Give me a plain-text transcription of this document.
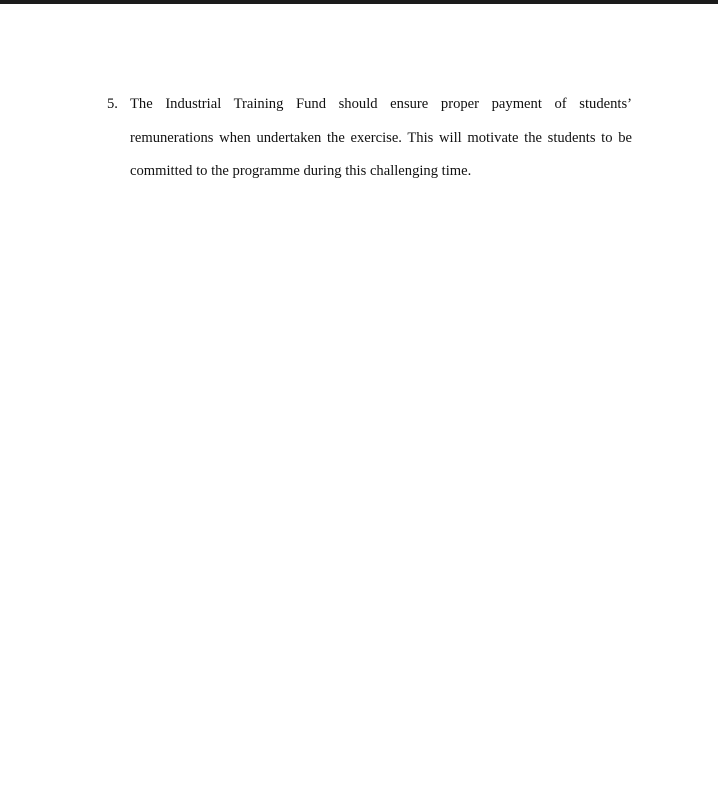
5. The Industrial Training Fund should ensure proper payment of students’ remunerations when undertaken the exercise. This will motivate the students to be committed to the programme during this challenging time.
